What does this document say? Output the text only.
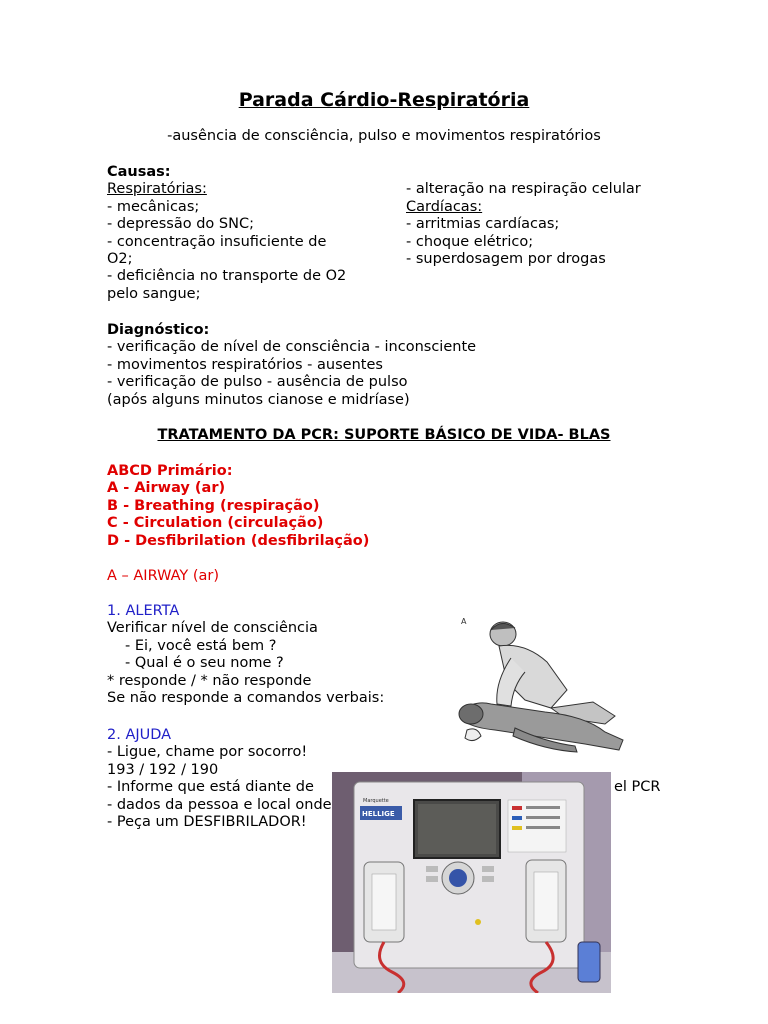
Parada Cárdio-Respiratória
-ausência de consciência, pulso e movimentos respiratórios
Causas:
Respiratórias:
- mecânicas;
- depressão do SNC;
- concentração insuficiente de
O2;
- deficiência no transporte de O2
pelo sangue;
- alteração na respiração celular
Cardíacas:
- arritmias cardíacas;
- choque elétrico;
- superdosagem por drogas
Diagnóstico:
- verificação de nível de consciência - inconsciente
- movimentos respiratórios - ausentes
- verificação de pulso - ausência de pulso
(após alguns minutos cianose e midríase)
TRATAMENTO DA PCR: SUPORTE BÁSICO DE VIDA- BLAS
ABCD Primário:
A - Airway (ar)
B - Breathing (respiração)
C - Circulation (circulação)
D - Desfibrilation (desfibrilação)
A – AIRWAY (ar)
1. ALERTA
Verificar nível de consciência
- Ei, você está bem ?
- Qual é o seu nome ?
* responde / * não responde
Se não responde a comandos verbais:
2. AJUDA
- Ligue, chame por socorro!
193 / 192 / 190
- Informe que está diante de
- dados da pessoa e local onde
- Peça um DESFIBRILADOR!
el PCR
A
Marquette
HELLIGE
